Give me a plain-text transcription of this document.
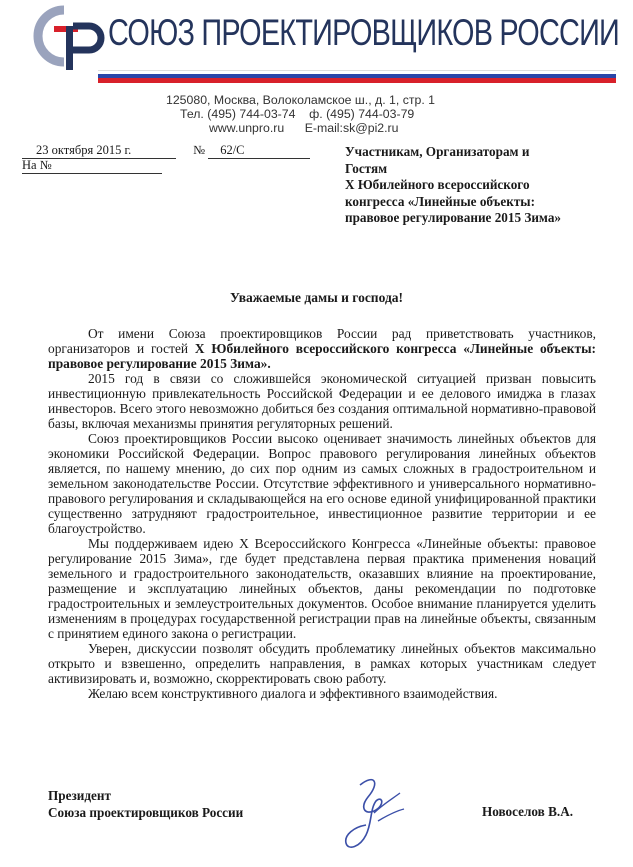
СОЮЗ ПРОЕКТИРОВЩИКОВ РОССИИ
125080, Москва, Волоколамское ш., д. 1, стр. 1
Тел. (495) 744-03-74 ф. (495) 744-03-79
www.unpro.ru E-mail:sk@pi2.ru
23 октября 2015 г.	№ 62/С
На №
Участникам, Организаторам и
Гостям
X Юбилейного всероссийского
конгресса «Линейные объекты:
правовое регулирование 2015 Зима»
Уважаемые дамы и господа!

От имени Союза проектировщиков России рад приветствовать участников, организаторов и гостей X Юбилейного всероссийского конгресса «Линейные объекты: правовое регулирование 2015 Зима».

2015 год в связи со сложившейся экономической ситуацией призван повысить инвестиционную привлекательность Российской Федерации и ее делового имиджа в глазах инвесторов. Всего этого невозможно добиться без создания оптимальной нормативно-правовой базы, включая механизмы принятия регуляторных решений.

Союз проектировщиков России высоко оценивает значимость линейных объектов для экономики Российской Федерации. Вопрос правового регулирования линейных объектов является, по нашему мнению, до сих пор одним из самых сложных в градостроительном и земельном законодательстве России. Отсутствие эффективного и универсального нормативно-правового регулирования и складывающейся на его основе единой унифицированной практики существенно затрудняют градостроительное, инвестиционное развитие территории и ее благоустройство.

Мы поддерживаем идею X Всероссийского Конгресса «Линейные объекты: правовое регулирование 2015 Зима», где будет представлена первая практика применения новаций земельного и градостроительного законодательств, оказавших влияние на проектирование, размещение и эксплуатацию линейных объектов, даны рекомендации по подготовке градостроительных и землеустроительных документов. Особое внимание планируется уделить изменениям в процедурах государственной регистрации прав на линейные объекты, связанным с принятием единого закона о регистрации.

Уверен, дискуссии позволят обсудить проблематику линейных объектов максимально открыто и взвешенно, определить направления, в рамках которых участникам следует активизировать и, возможно, скорректировать свою работу.

Желаю всем конструктивного диалога и эффективного взаимодействия.

Президент
Союза проектировщиков России	Новоселов В.А.
